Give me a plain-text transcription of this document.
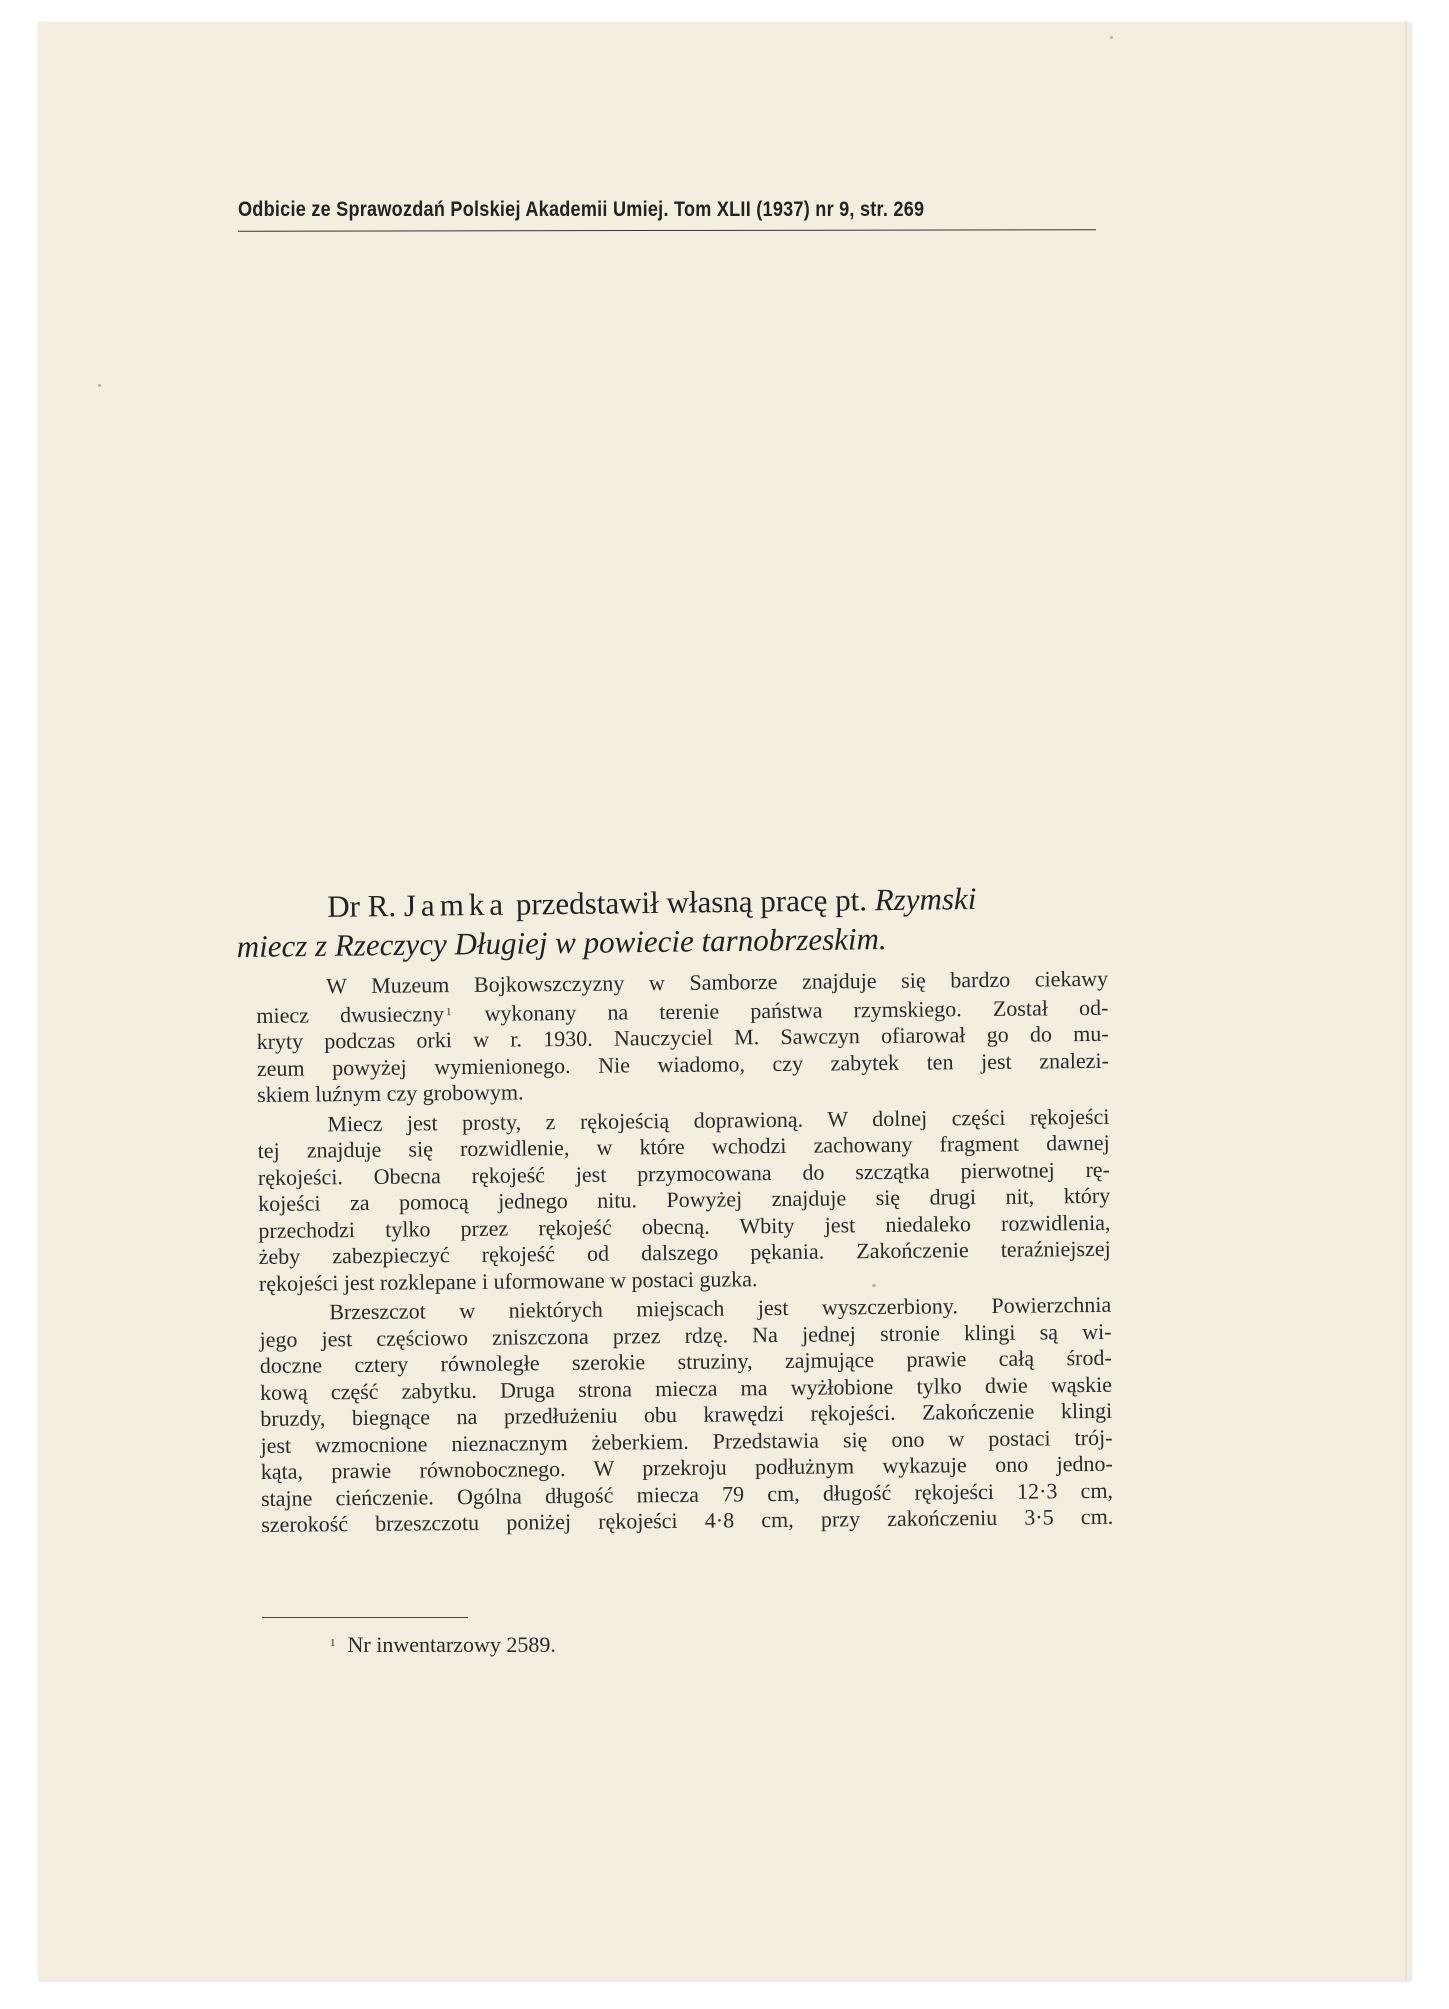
Odbicie ze Sprawozdań Polskiej Akademii Umiej. Tom XLII (1937) nr 9, str. 269
Dr R. Jamka przedstawił własną pracę pt. Rzymski
miecz z Rzeczycy Długiej w powiecie tarnobrzeskim.
W Muzeum Bojkowszczyzny w Samborze znajduje się bardzo ciekawy
miecz dwusieczny $^1$ wykonany na terenie państwa rzymskiego. Został od-
kryty podczas orki w r. 1930. Nauczyciel M. Sawczyn ofiarował go do mu-
zeum powyżej wymienionego. Nie wiadomo, czy zabytek ten jest znalezi-
skiem luźnym czy grobowym.
Miecz jest prosty, z rękojeścią doprawioną. W dolnej części rękojeści
tej znajduje się rozwidlenie, w które wchodzi zachowany fragment dawnej
rękojeści. Obecna rękojeść jest przymocowana do szczątka pierwotnej rę-
kojeści za pomocą jednego nitu. Powyżej znajduje się drugi nit, który
przechodzi tylko przez rękojeść obecną. Wbity jest niedaleko rozwidlenia,
żeby zabezpieczyć rękojeść od dalszego pękania. Zakończenie teraźniejszej
rękojeści jest rozklepane i uformowane w postaci guzka.
Brzeszczot w niektórych miejscach jest wyszczerbiony. Powierzchnia
jego jest częściowo zniszczona przez rdzę. Na jednej stronie klingi są wi-
doczne cztery równoległe szerokie struziny, zajmujące prawie całą środ-
kową część zabytku. Druga strona miecza ma wyżłobione tylko dwie wąskie
bruzdy, biegnące na przedłużeniu obu krawędzi rękojeści. Zakończenie klingi
jest wzmocnione nieznacznym żeberkiem. Przedstawia się ono w postaci trój-
kąta, prawie równobocznego. W przekroju podłużnym wykazuje ono jedno-
stajne cieńczenie. Ogólna długość miecza 79 cm, długość rękojeści 12·3 cm,
szerokość brzeszczotu poniżej rękojeści 4·8 cm, przy zakończeniu 3·5 cm.
$^1$ Nr inwentarzowy 2589.
